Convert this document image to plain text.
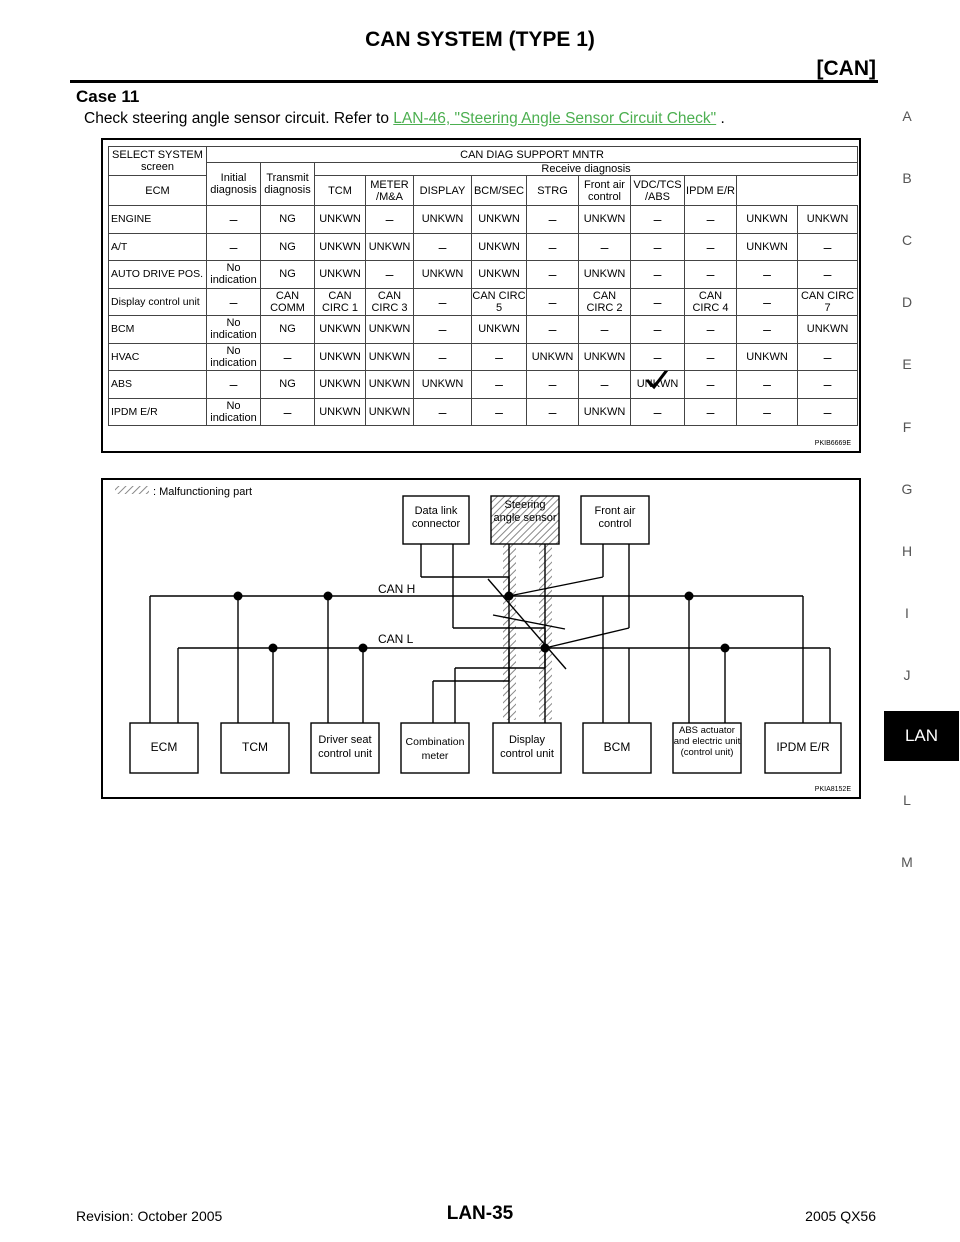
CAN SYSTEM (TYPE 1)
[CAN]
Case 11
Check steering angle sensor circuit. Refer to LAN-46, "Steering Angle Sensor Circuit Check" .	A
B
C
D
E
F
G
H
I
J
LAN
L
M
SELECT SYSTEM screen	CAN DIAG SUPPORT MNTR											
	Initial diagnosis	Transmit diagnosis	Receive diagnosis									
ECM			TCM	METER /M&A	DISPLAY	BCM/SEC	STRG	Front air control	VDC/TCS /ABS	IPDM E/R		
ENGINE	–	NG	UNKWN	–	UNKWN	UNKWN	–	UNKWN	–	–	UNKWN	UNKWN
A/T	–	NG	UNKWN	UNKWN	–	UNKWN	–	–	–	–	UNKWN	–
AUTO DRIVE POS.	No indication	NG	UNKWN	–	UNKWN	UNKWN	–	UNKWN	–	–	–	–
Display control unit	–	CAN COMM	CAN CIRC 1	CAN CIRC 3	–	CAN CIRC 5	–	CAN CIRC 2	–	CAN CIRC 4	–	CAN CIRC 7
BCM	No indication	NG	UNKWN	UNKWN	–	UNKWN	–	–	–	–	–	UNKWN
HVAC	No indication	–	UNKWN	UNKWN	–	–	UNKWN	UNKWN	–	–	UNKWN	–
ABS	–	NG	UNKWN	UNKWN	UNKWN	–	–	–	UNKWN	–	–	–
IPDM E/R	No indication	–	UNKWN	UNKWN	–	–	–	UNKWN	–	–	–	–
PKIB6669E
: Malfunctioning part
CAN H
CAN L
Data link connector
Steering angle sensor
Front air control
ECM	TCM	Driver seat control unit
Combination meter
Display control unit	BCM
ABS actuator and electric unit (control unit)	IPDM E/R
PKIA8152E
Revision: October 2005	LAN-35	2005 QX56
